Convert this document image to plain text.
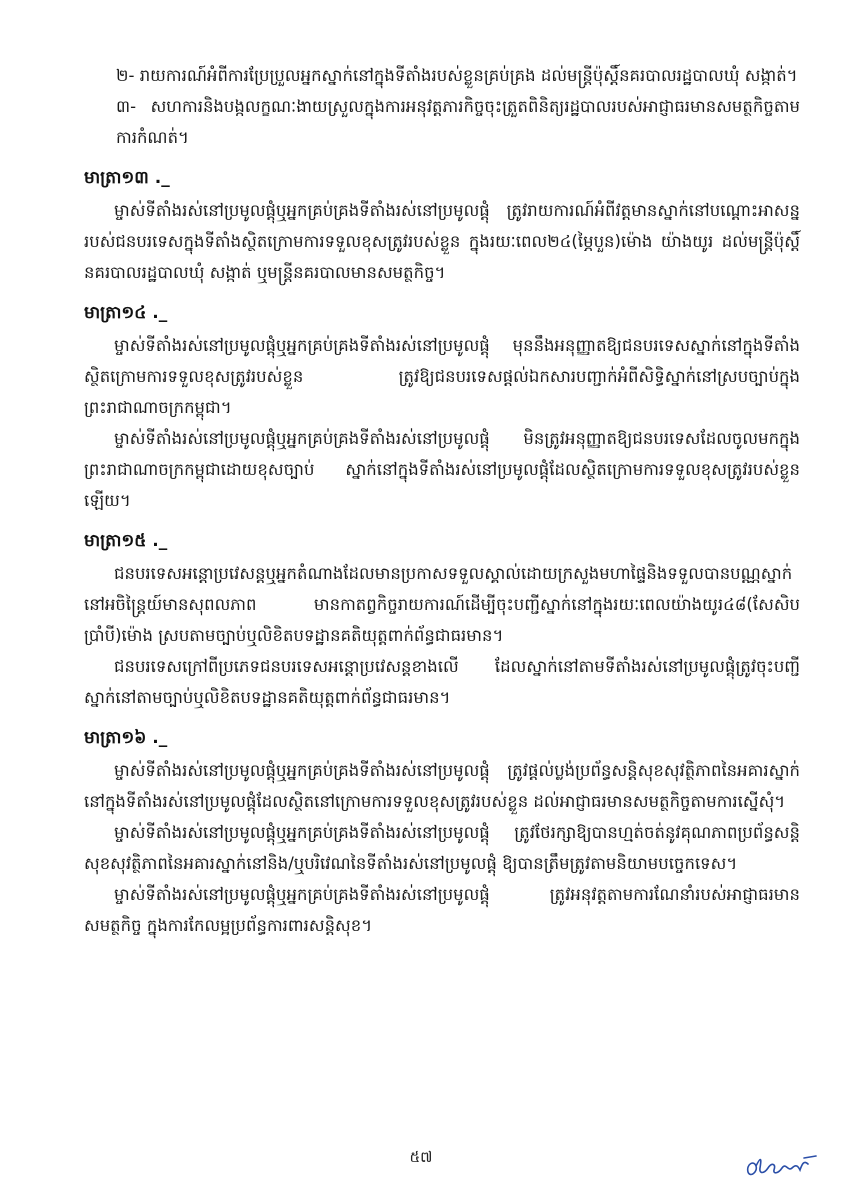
២- រាយការណ៍អំពីការប្រែប្រួលអ្នកស្នាក់នៅក្នុងទីតាំងរបស់ខ្លួនគ្រប់គ្រង ដល់មន្ត្រីប៉ុស្តិ៍នគរបាលរដ្ឋបាលឃុំ សង្កាត់។

៣- សហការនិងបង្កលក្ខណៈងាយស្រួលក្នុងការអនុវត្តភារកិច្ចចុះត្រួតពិនិត្យរដ្ឋបាលរបស់អាជ្ញាធរមានសមត្ថកិច្ចតាមការកំណត់។

មាត្រា១៣ ._

ម្ចាស់ទីតាំងរស់នៅប្រមូលផ្តុំឬអ្នកគ្រប់គ្រងទីតាំងរស់នៅប្រមូលផ្តុំ ត្រូវរាយការណ៍អំពីវត្តមានស្នាក់នៅបណ្តោះអាសន្នរបស់ជនបរទេសក្នុងទីតាំងស្ថិតក្រោមការទទួលខុសត្រូវរបស់ខ្លួន ក្នុងរយៈពេល២៤(ម្ភៃបួន)ម៉ោង យ៉ាងយូរ ដល់មន្ត្រីប៉ុស្តិ៍នគរបាលរដ្ឋបាលឃុំ សង្កាត់ ឬមន្ត្រីនគរបាលមានសមត្ថកិច្ច។

មាត្រា១៤ ._

ម្ចាស់ទីតាំងរស់នៅប្រមូលផ្តុំឬអ្នកគ្រប់គ្រងទីតាំងរស់នៅប្រមូលផ្តុំ មុននឹងអនុញ្ញាតឱ្យជនបរទេសស្នាក់នៅក្នុងទីតាំងស្ថិតក្រោមការទទួលខុសត្រូវរបស់ខ្លួន ត្រូវឱ្យជនបរទេសផ្តល់ឯកសារបញ្ជាក់អំពីសិទ្ធិស្នាក់នៅស្របច្បាប់ក្នុងព្រះរាជាណាចក្រកម្ពុជា។

ម្ចាស់ទីតាំងរស់នៅប្រមូលផ្តុំឬអ្នកគ្រប់គ្រងទីតាំងរស់នៅប្រមូលផ្តុំ មិនត្រូវអនុញ្ញាតឱ្យជនបរទេសដែលចូលមកក្នុងព្រះរាជាណាចក្រកម្ពុជាដោយខុសច្បាប់ ស្នាក់នៅក្នុងទីតាំងរស់នៅប្រមូលផ្តុំដែលស្ថិតក្រោមការទទួលខុសត្រូវរបស់ខ្លួនឡើយ។

មាត្រា១៥ ._

ជនបរទេសអន្តោប្រវេសន្តឬអ្នកតំណាងដែលមានប្រកាសទទួលស្គាល់ដោយក្រសួងមហាផ្ទៃនិងទទួលបានបណ្ណស្នាក់នៅអចិន្ត្រៃយ៍មានសុពលភាព មានកាតព្វកិច្ចរាយការណ៍ដើម្បីចុះបញ្ជីស្នាក់នៅក្នុងរយៈពេលយ៉ាងយូរ៤៨(សែសិបប្រាំបី)ម៉ោង ស្របតាមច្បាប់ឬលិខិតបទដ្ឋានគតិយុត្តពាក់ព័ន្ធជាធរមាន។

ជនបរទេសក្រៅពីប្រភេទជនបរទេសអន្តោប្រវេសន្តខាងលើ ដែលស្នាក់នៅតាមទីតាំងរស់នៅប្រមូលផ្តុំត្រូវចុះបញ្ជីស្នាក់នៅតាមច្បាប់ឬលិខិតបទដ្ឋានគតិយុត្តពាក់ព័ន្ធជាធរមាន។

មាត្រា១៦ ._

ម្ចាស់ទីតាំងរស់នៅប្រមូលផ្តុំឬអ្នកគ្រប់គ្រងទីតាំងរស់នៅប្រមូលផ្តុំ ត្រូវផ្តល់ប្លង់ប្រព័ន្ធសន្តិសុខសុវត្ថិភាពនៃអគារស្នាក់នៅក្នុងទីតាំងរស់នៅប្រមូលផ្តុំដែលស្ថិតនៅក្រោមការទទួលខុសត្រូវរបស់ខ្លួន ដល់អាជ្ញាធរមានសមត្ថកិច្ចតាមការស្នើសុំ។

ម្ចាស់ទីតាំងរស់នៅប្រមូលផ្តុំឬអ្នកគ្រប់គ្រងទីតាំងរស់នៅប្រមូលផ្តុំ ត្រូវថែរក្សាឱ្យបានហ្មត់ចត់នូវគុណភាពប្រព័ន្ធសន្តិសុខសុវត្ថិភាពនៃអគារស្នាក់នៅនិង/ឬបរិវេណនៃទីតាំងរស់នៅប្រមូលផ្តុំ ឱ្យបានត្រឹមត្រូវតាមនិយាមបច្ចេកទេស។

ម្ចាស់ទីតាំងរស់នៅប្រមូលផ្តុំឬអ្នកគ្រប់គ្រងទីតាំងរស់នៅប្រមូលផ្តុំ ត្រូវអនុវត្តតាមការណែនាំរបស់អាជ្ញាធរមានសមត្ថកិច្ច ក្នុងការកែលម្អប្រព័ន្ធការពារសន្តិសុខ។

៥៧
